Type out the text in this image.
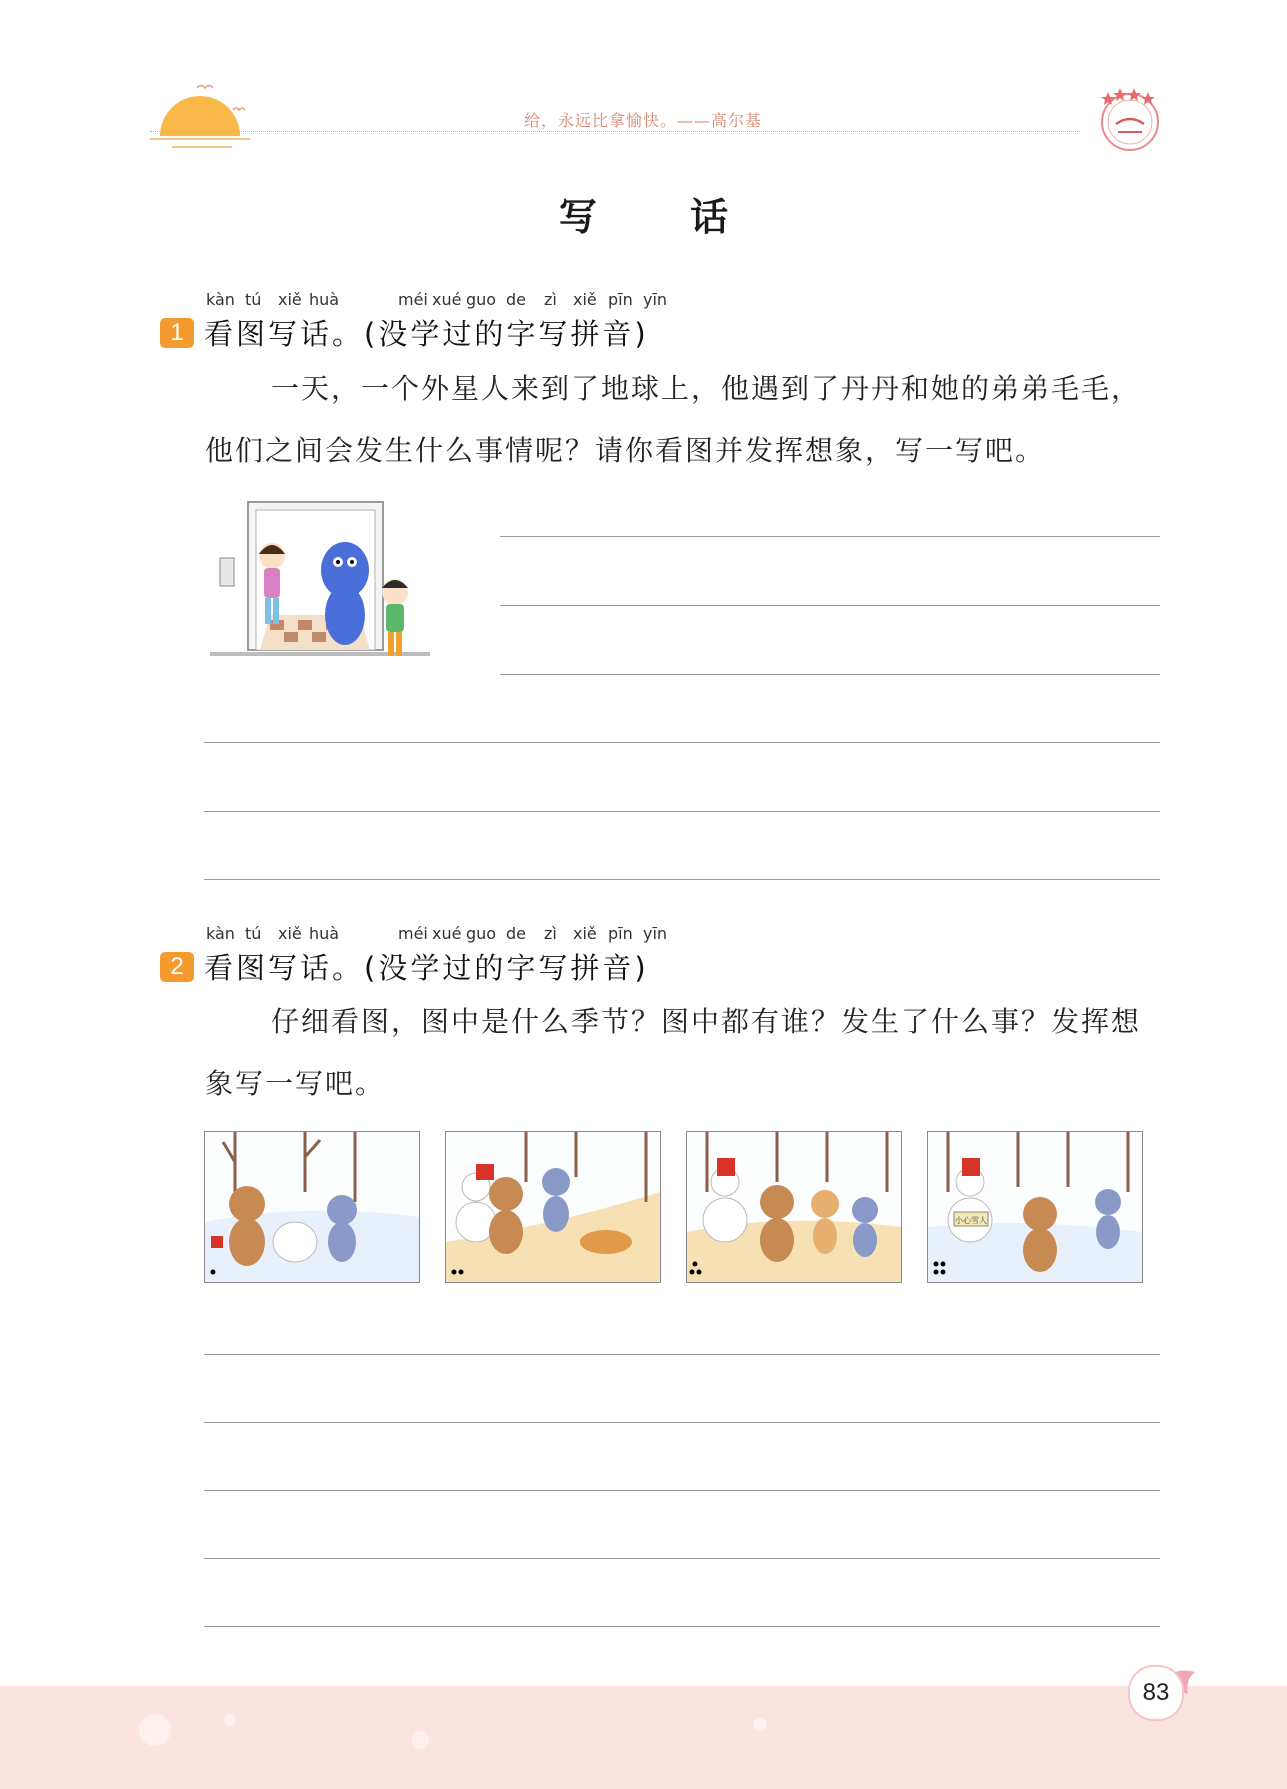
给，永远比拿愉快。——高尔基
写 话
kàn tú xiě huà	méi xué guo de zì xiě pīn yīn
1 看图写话。(没学过的字写拼音)
一天，一个外星人来到了地球上，他遇到了丹丹和她的弟弟毛毛，他们之间会发生什么事情呢？请你看图并发挥想象，写一写吧。
kàn tú xiě huà	méi xué guo de zì xiě pīn yīn
2 看图写话。(没学过的字写拼音)
仔细看图，图中是什么季节？图中都有谁？发生了什么事？发挥想象写一写吧。
小心雪人
83
